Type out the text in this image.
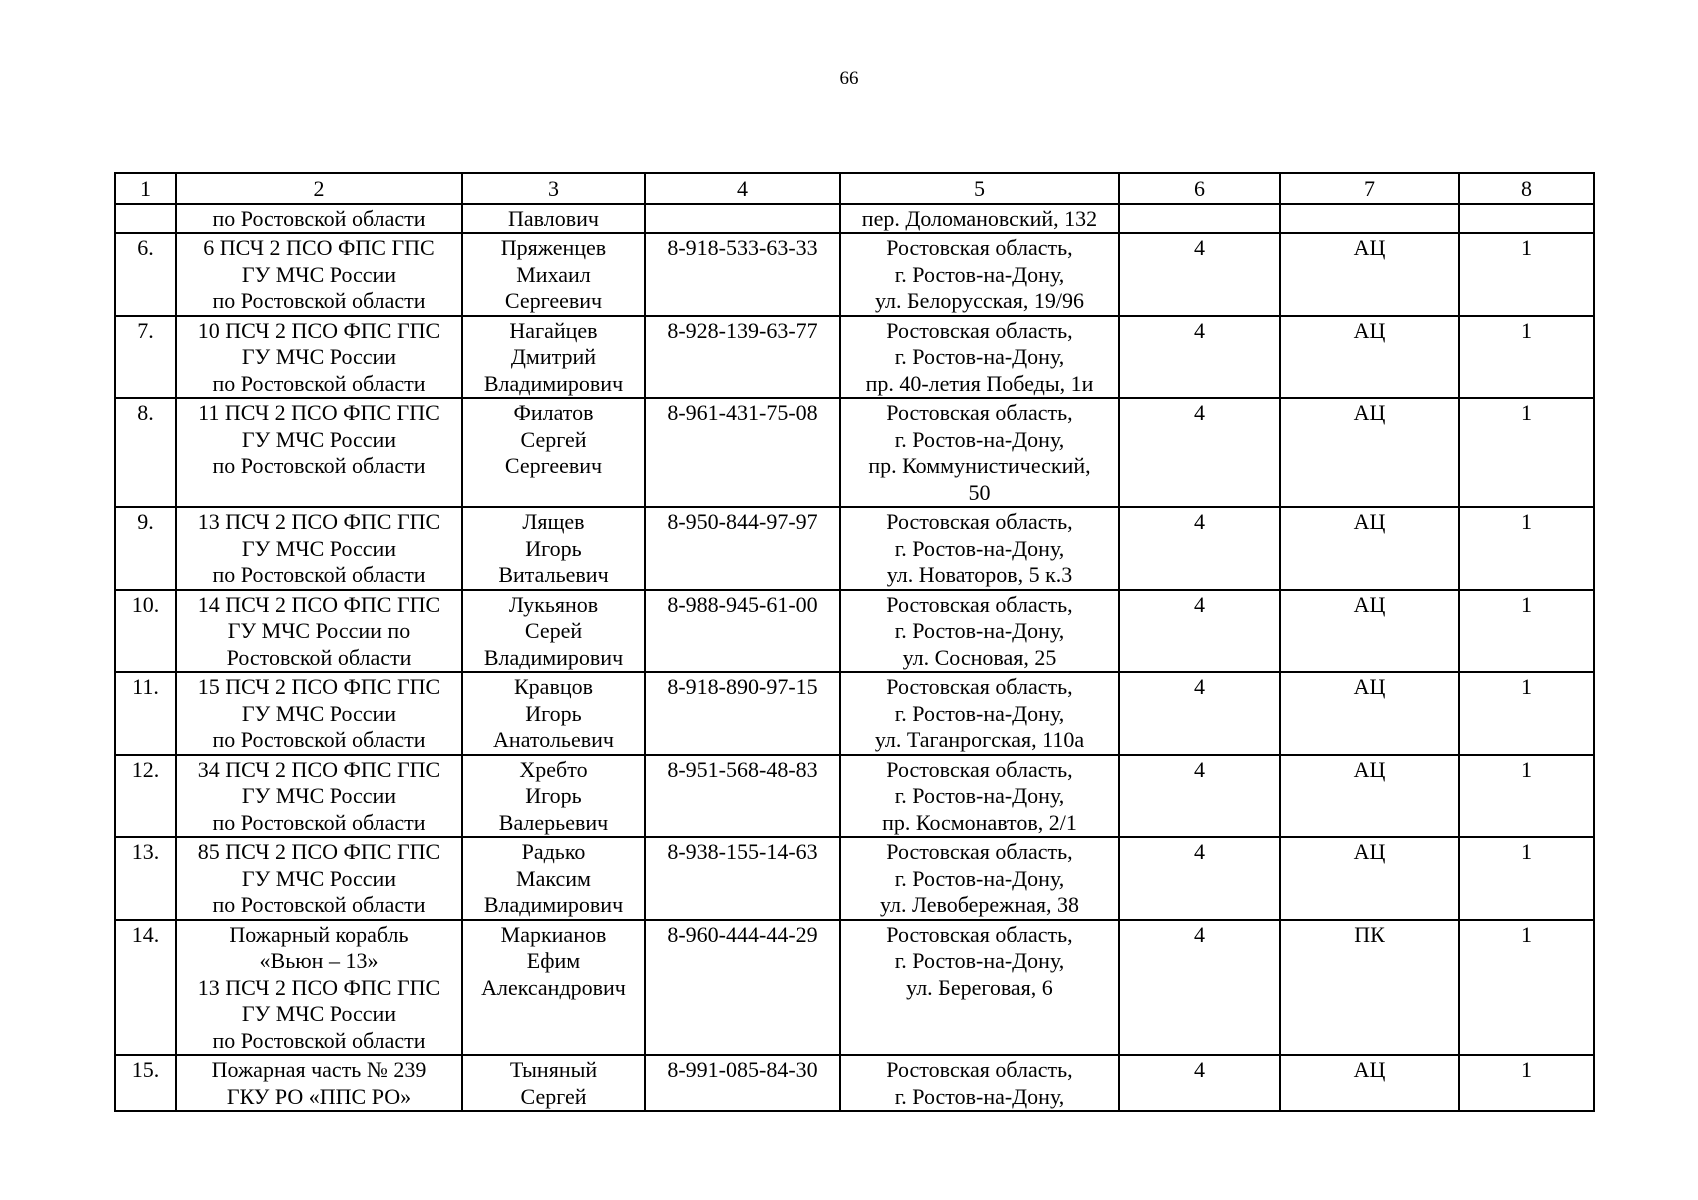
66
1	2	3	4	5	6	7	8
	по Ростовской области	Павлович		пер. Доломановский, 132			
6.	6 ПСЧ 2 ПСО ФПС ГПС
ГУ МЧС России
по Ростовской области	Пряженцев
Михаил
Сергеевич	8-918-533-63-33	Ростовская область,
г. Ростов-на-Дону,
ул. Белорусская, 19/96	4	АЦ	1
7.	10 ПСЧ 2 ПСО ФПС ГПС
ГУ МЧС России
по Ростовской области	Нагайцев
Дмитрий
Владимирович	8-928-139-63-77	Ростовская область,
г. Ростов-на-Дону,
пр. 40-летия Победы, 1и	4	АЦ	1
8.	11 ПСЧ 2 ПСО ФПС ГПС
ГУ МЧС России
по Ростовской области	Филатов
Сергей
Сергеевич	8-961-431-75-08	Ростовская область,
г. Ростов-на-Дону,
пр. Коммунистический,
50	4	АЦ	1
9.	13 ПСЧ 2 ПСО ФПС ГПС
ГУ МЧС России
по Ростовской области	Лящев
Игорь
Витальевич	8-950-844-97-97	Ростовская область,
г. Ростов-на-Дону,
ул. Новаторов, 5 к.3	4	АЦ	1
10.	14 ПСЧ 2 ПСО ФПС ГПС
ГУ МЧС России по
Ростовской области	Лукьянов
Серей
Владимирович	8-988-945-61-00	Ростовская область,
г. Ростов-на-Дону,
ул. Сосновая, 25	4	АЦ	1
11.	15 ПСЧ 2 ПСО ФПС ГПС
ГУ МЧС России
по Ростовской области	Кравцов
Игорь
Анатольевич	8-918-890-97-15	Ростовская область,
г. Ростов-на-Дону,
ул. Таганрогская, 110а	4	АЦ	1
12.	34 ПСЧ 2 ПСО ФПС ГПС
ГУ МЧС России
по Ростовской области	Хребто
Игорь
Валерьевич	8-951-568-48-83	Ростовская область,
г. Ростов-на-Дону,
пр. Космонавтов, 2/1	4	АЦ	1
13.	85 ПСЧ 2 ПСО ФПС ГПС
ГУ МЧС России
по Ростовской области	Радько
Максим
Владимирович	8-938-155-14-63	Ростовская область,
г. Ростов-на-Дону,
ул. Левобережная, 38	4	АЦ	1
14.	Пожарный корабль
«Вьюн – 13»
13 ПСЧ 2 ПСО ФПС ГПС
ГУ МЧС России
по Ростовской области	Маркианов
Ефим
Александрович	8-960-444-44-29	Ростовская область,
г. Ростов-на-Дону,
ул. Береговая, 6	4	ПК	1
15.	Пожарная часть № 239
ГКУ РО «ППС РО»	Тыняный
Сергей	8-991-085-84-30	Ростовская область,
г. Ростов-на-Дону,	4	АЦ	1
